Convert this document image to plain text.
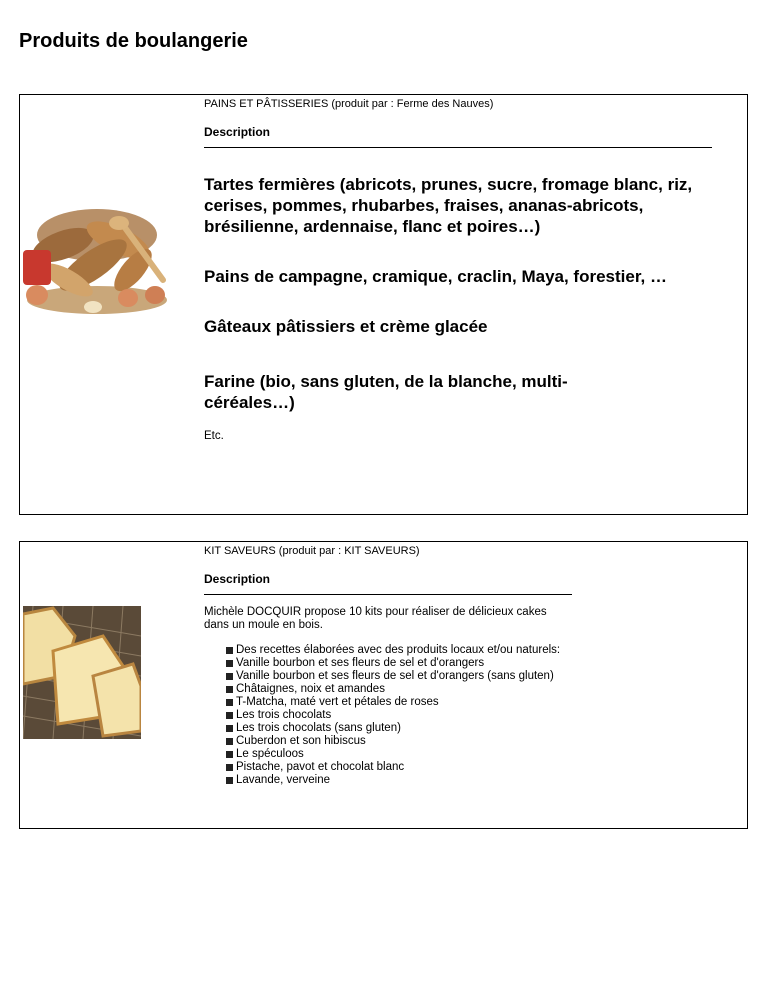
Produits de boulangerie
PAINS ET PÂTISSERIES (produit par : Ferme des Nauves)
Description

Tartes fermières (abricots, prunes, sucre, fromage blanc, riz, cerises, pommes, rhubarbes, fraises, ananas-abricots, brésilienne, ardennaise, flanc et poires…)

Pains de campagne, cramique, craclin, Maya, forestier, …

Gâteaux pâtissiers et crème glacée

Farine (bio, sans gluten, de la blanche, multi-céréales…)

Etc.
KIT SAVEURS (produit par : KIT SAVEURS)
Description
Michèle DOCQUIR propose 10 kits pour réaliser de délicieux cakes dans un moule en bois.
Des recettes élaborées avec des produits locaux et/ou naturels:
Vanille bourbon et ses fleurs de sel et d'orangers
Vanille bourbon et ses fleurs de sel et d'orangers (sans gluten)
Châtaignes, noix et amandes
T-Matcha, maté vert et pétales de roses
Les trois chocolats
Les trois chocolats (sans gluten)
Cuberdon et son hibiscus
Le spéculoos
Pistache, pavot et chocolat blanc
Lavande, verveine
